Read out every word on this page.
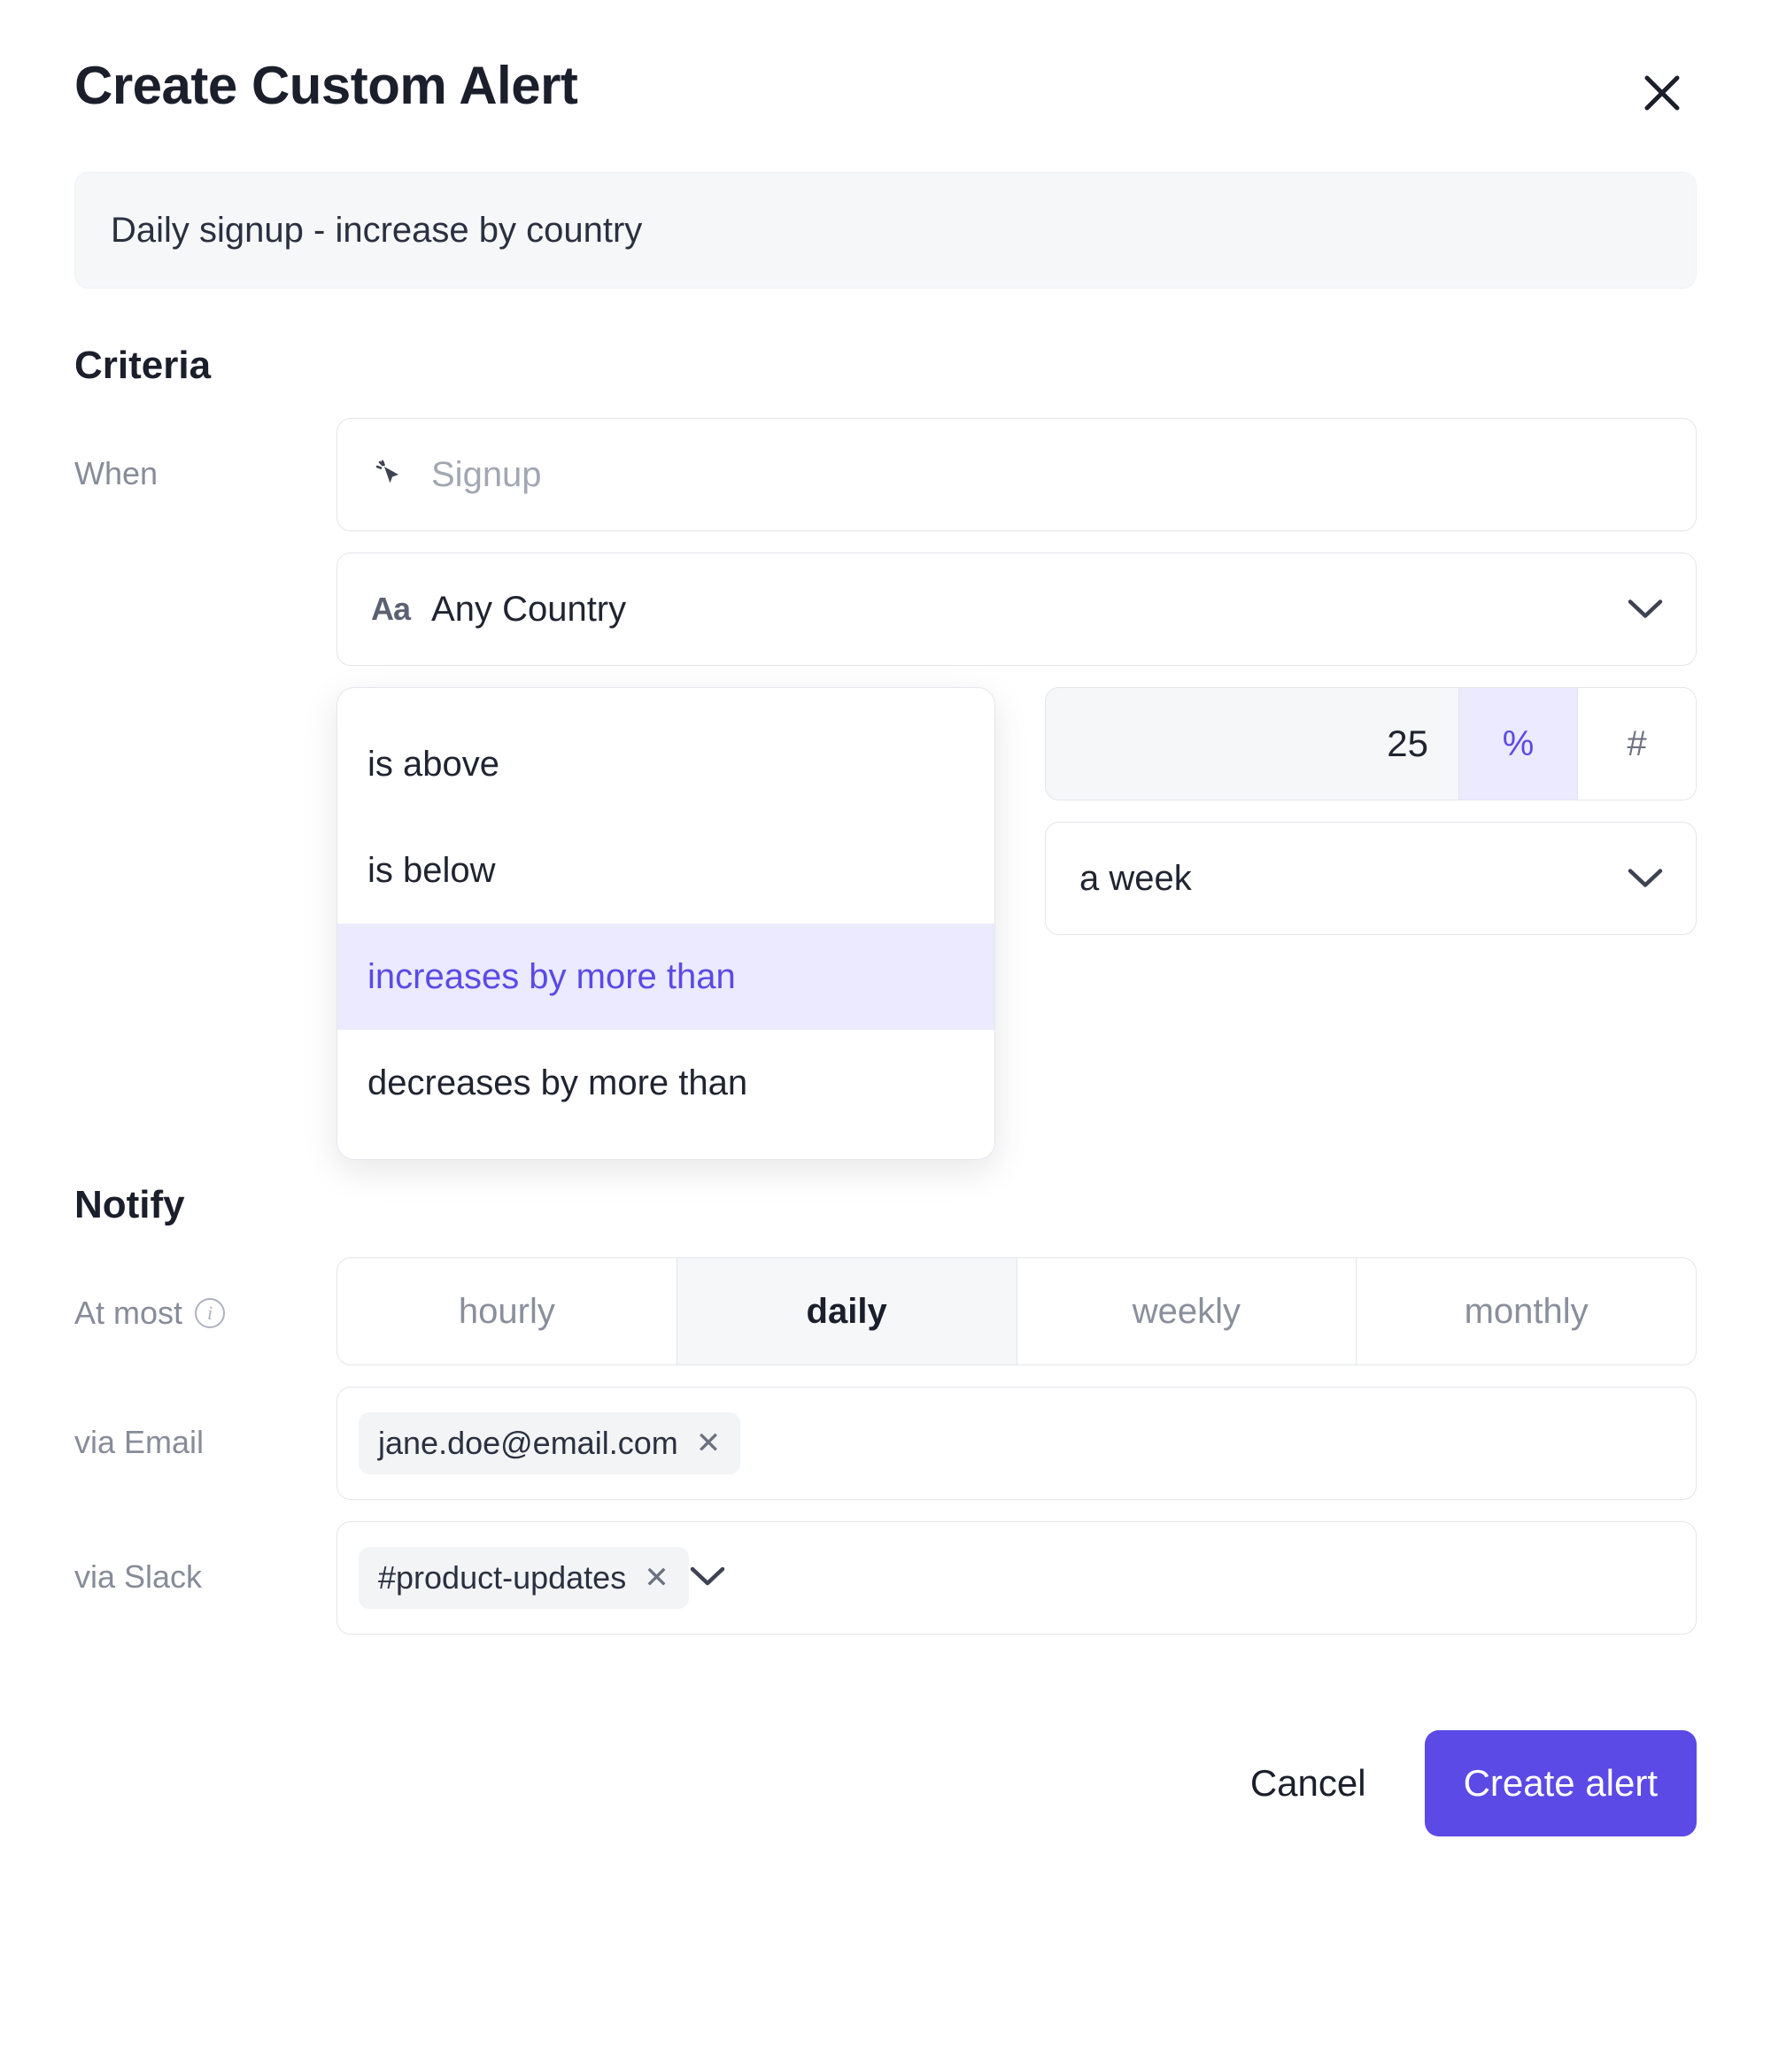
Create Custom Alert
Daily signup - increase by country
Criteria
When	Signup
Aa Any Country
is above
is below
increases by more than
decreases by more than
25	%	#
a week
Notify
At most	i	hourly	daily	weekly	monthly
via Email	jane.doe@email.com ✕
via Slack	#product-updates ✕
Cancel	Create alert
